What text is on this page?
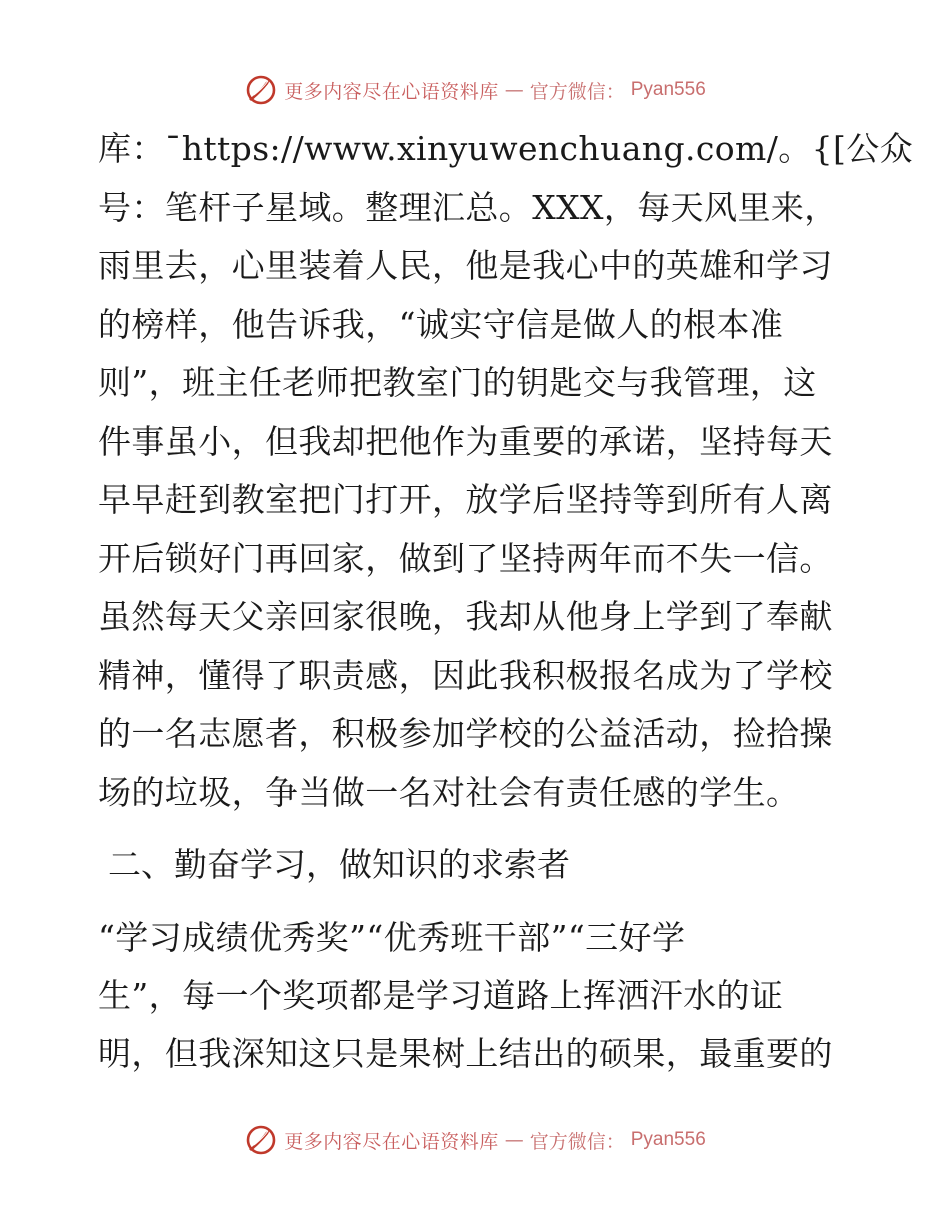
更多内容尽在心语资料库 — 官方微信： Pyan556
库：¯https://www.xinyuwenchuang.com/。{[公众
号：笔杆子星域。整理汇总。XXX，每天风里来，
雨里去，心里装着人民，他是我心中的英雄和学习
的榜样，他告诉我，“诚实守信是做人的根本准
则”，班主任老师把教室门的钥匙交与我管理，这
件事虽小，但我却把他作为重要的承诺，坚持每天
早早赶到教室把门打开，放学后坚持等到所有人离
开后锁好门再回家，做到了坚持两年而不失一信。
虽然每天父亲回家很晚，我却从他身上学到了奉献
精神，懂得了职责感，因此我积极报名成为了学校
的一名志愿者，积极参加学校的公益活动，捡拾操
场的垃圾，争当做一名对社会有责任感的学生。
二、勤奋学习，做知识的求索者
“学习成绩优秀奖”“优秀班干部”“三好学
生”，每一个奖项都是学习道路上挥洒汗水的证
明，但我深知这只是果树上结出的硕果，最重要的
更多内容尽在心语资料库 — 官方微信： Pyan556
